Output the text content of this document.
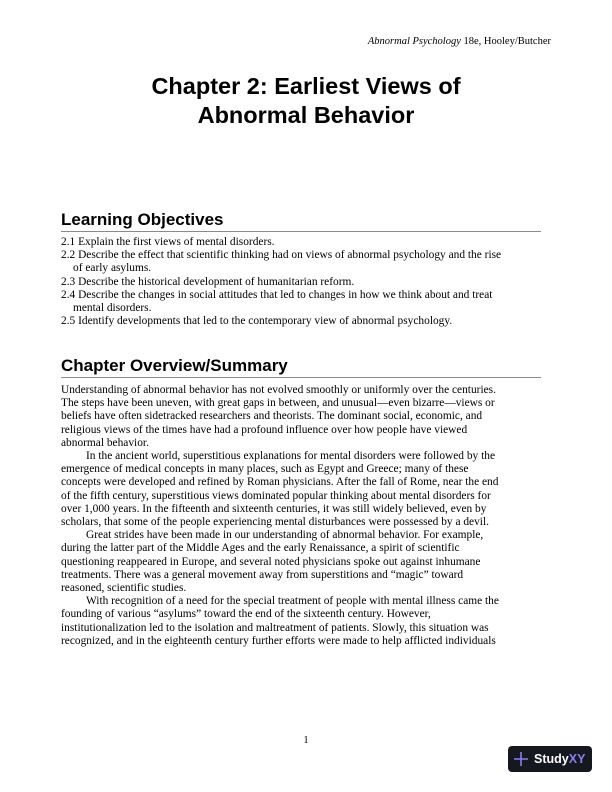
Abnormal Psychology 18e, Hooley/Butcher
Chapter 2: Earliest Views of
Abnormal Behavior
Learning Objectives
2.1 Explain the first views of mental disorders.
2.2 Describe the effect that scientific thinking had on views of abnormal psychology and the rise
of early asylums.
2.3 Describe the historical development of humanitarian reform.
2.4 Describe the changes in social attitudes that led to changes in how we think about and treat
mental disorders.
2.5 Identify developments that led to the contemporary view of abnormal psychology.
Chapter Overview/Summary
Understanding of abnormal behavior has not evolved smoothly or uniformly over the centuries.
The steps have been uneven, with great gaps in between, and unusual—even bizarre—views or
beliefs have often sidetracked researchers and theorists. The dominant social, economic, and
religious views of the times have had a profound influence over how people have viewed
abnormal behavior.
In the ancient world, superstitious explanations for mental disorders were followed by the
emergence of medical concepts in many places, such as Egypt and Greece; many of these
concepts were developed and refined by Roman physicians. After the fall of Rome, near the end
of the fifth century, superstitious views dominated popular thinking about mental disorders for
over 1,000 years. In the fifteenth and sixteenth centuries, it was still widely believed, even by
scholars, that some of the people experiencing mental disturbances were possessed by a devil.
Great strides have been made in our understanding of abnormal behavior. For example,
during the latter part of the Middle Ages and the early Renaissance, a spirit of scientific
questioning reappeared in Europe, and several noted physicians spoke out against inhumane
treatments. There was a general movement away from superstitions and “magic” toward
reasoned, scientific studies.
With recognition of a need for the special treatment of people with mental illness came the
founding of various “asylums” toward the end of the sixteenth century. However,
institutionalization led to the isolation and maltreatment of patients. Slowly, this situation was
recognized, and in the eighteenth century further efforts were made to help afflicted individuals
1
StudyXY
